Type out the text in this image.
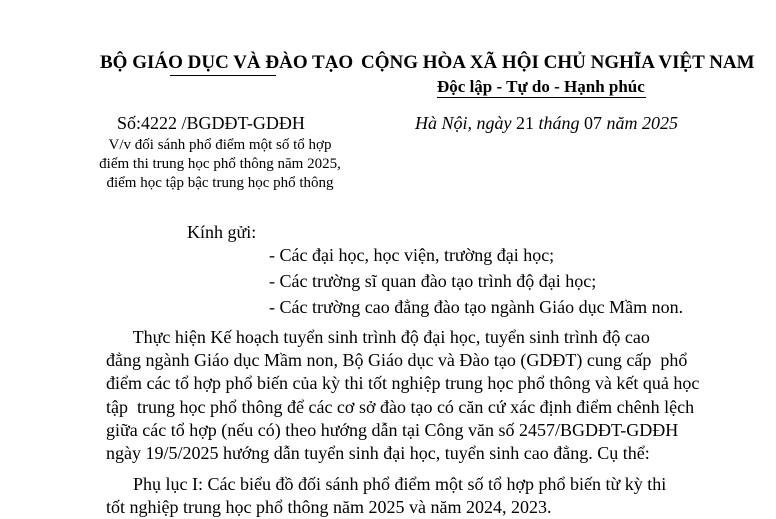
BỘ GIÁO DỤC VÀ ĐÀO TẠO CỘNG HÒA XÃ HỘI CHỦ NGHĨA VIỆT NAM
Độc lập - Tự do - Hạnh phúc
Số:4222 /BGDĐT-GDĐH
V/v đối sánh phổ điểm một số tổ hợp
điểm thi trung học phổ thông năm 2025,
điểm học tập bậc trung học phổ thông
Hà Nội, ngày 21 tháng 07 năm 2025
Kính gửi:
- Các đại học, học viện, trường đại học;
- Các trường sĩ quan đào tạo trình độ đại học;
- Các trường cao đẳng đào tạo ngành Giáo dục Mầm non.
Thực hiện Kế hoạch tuyển sinh trình độ đại học, tuyển sinh trình độ cao
đẳng ngành Giáo dục Mầm non, Bộ Giáo dục và Đào tạo (GDĐT) cung cấp  phổ
điểm các tổ hợp phổ biến của kỳ thi tốt nghiệp trung học phổ thông và kết quả học
tập  trung học phổ thông để các cơ sở đào tạo có căn cứ xác định điểm chênh lệch
giữa các tổ hợp (nếu có) theo hướng dẫn tại Công văn số 2457/BGDĐT-GDĐH
ngày 19/5/2025 hướng dẫn tuyển sinh đại học, tuyển sinh cao đẳng. Cụ thể:
Phụ lục I: Các biểu đồ đối sánh phổ điểm một số tổ hợp phổ biến từ kỳ thi
tốt nghiệp trung học phổ thông năm 2025 và năm 2024, 2023.
